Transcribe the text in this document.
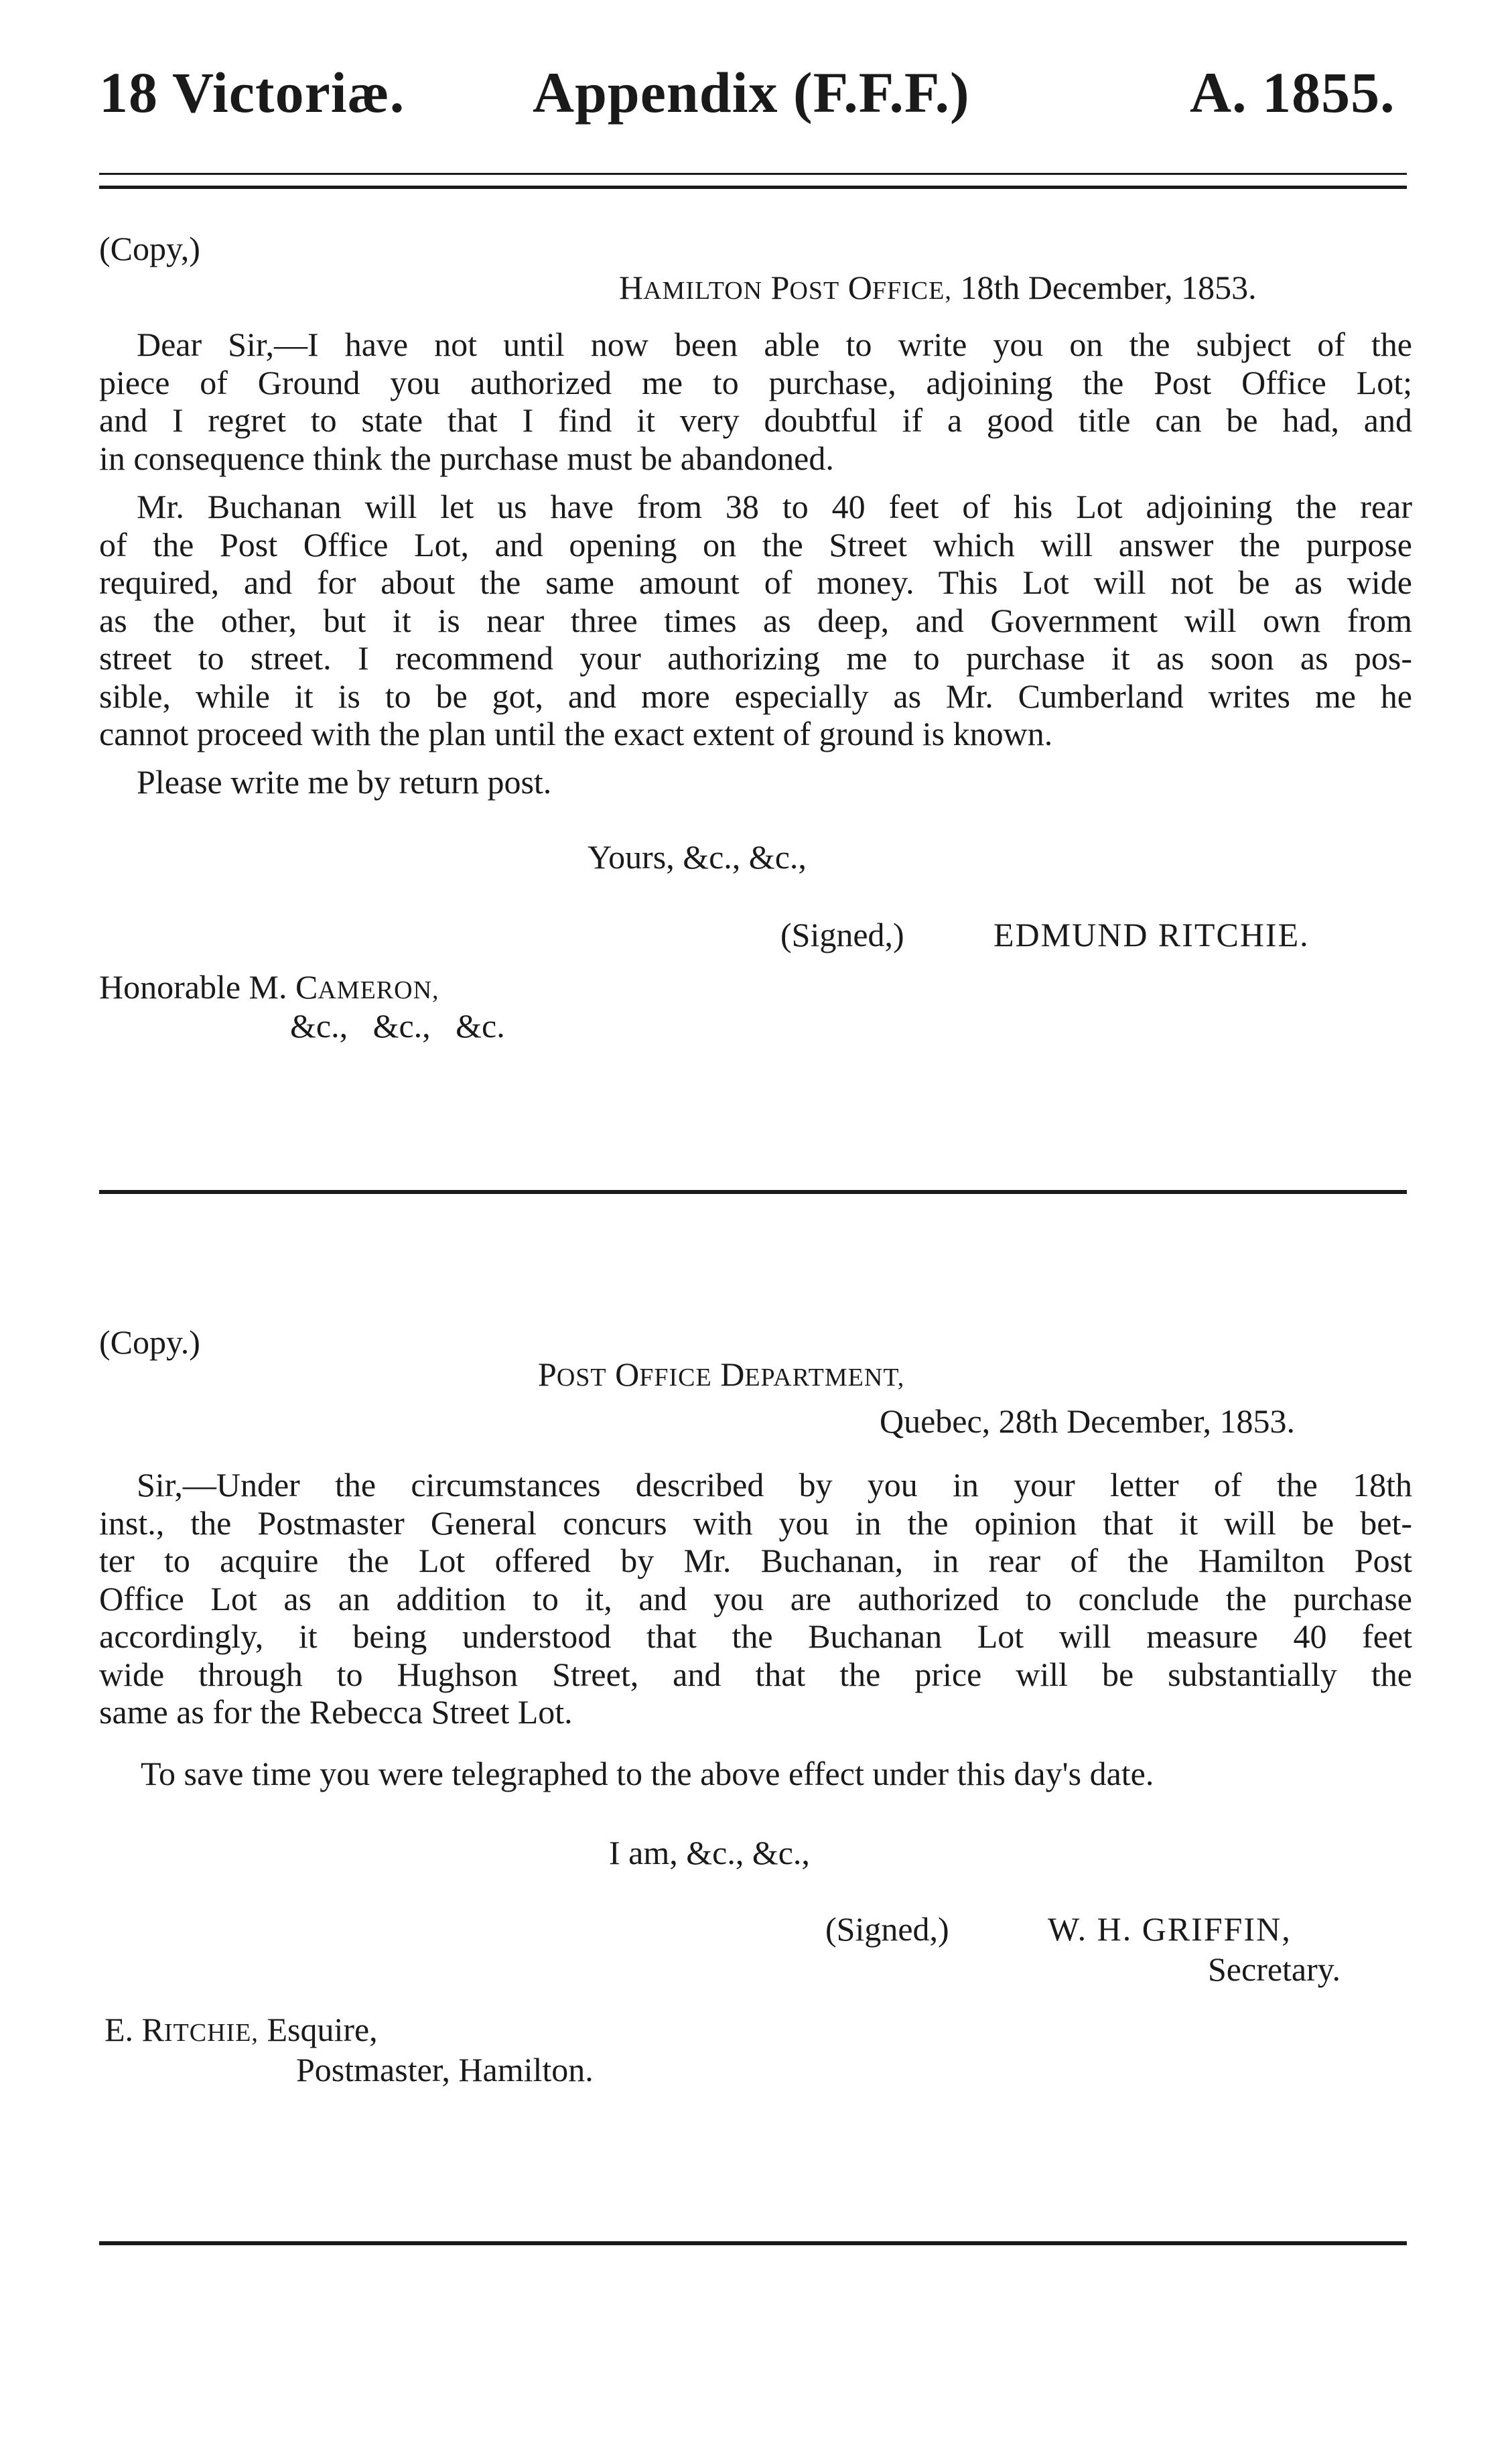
18 Victoriæ. Appendix (F.F.F.)	A. 1855.
(Copy,)
HAMILTON POST OFFICE, 18th December, 1853.
Dear Sir,—I have not until now been able to write you on the subject of the
piece of Ground you authorized me to purchase, adjoining the Post Office Lot;
and I regret to state that I find it very doubtful if a good title can be had, and
in consequence think the purchase must be abandoned.
Mr. Buchanan will let us have from 38 to 40 feet of his Lot adjoining the rear
of the Post Office Lot, and opening on the Street which will answer the purpose
required, and for about the same amount of money. This Lot will not be as wide
as the other, but it is near three times as deep, and Government will own from
street to street. I recommend your authorizing me to purchase it as soon as pos-
sible, while it is to be got, and more especially as Mr. Cumberland writes me he
cannot proceed with the plan until the exact extent of ground is known.
Please write me by return post.
Yours, &c., &c.,
(Signed,)	EDMUND RITCHIE.
Honorable M. CAMERON,
&c.,   &c.,   &c.
(Copy.)
POST OFFICE DEPARTMENT,
Quebec, 28th December, 1853.
Sir,—Under the circumstances described by you in your letter of the 18th
inst., the Postmaster General concurs with you in the opinion that it will be bet-
ter to acquire the Lot offered by Mr. Buchanan, in rear of the Hamilton Post
Office Lot as an addition to it, and you are authorized to conclude the purchase
accordingly, it being understood that the Buchanan Lot will measure 40 feet
wide through to Hughson Street, and that the price will be substantially the
same as for the Rebecca Street Lot.
To save time you were telegraphed to the above effect under this day's date.
I am, &c., &c.,
(Signed,)	W. H. GRIFFIN,
Secretary.
E. RITCHIE, Esquire,
Postmaster, Hamilton.
